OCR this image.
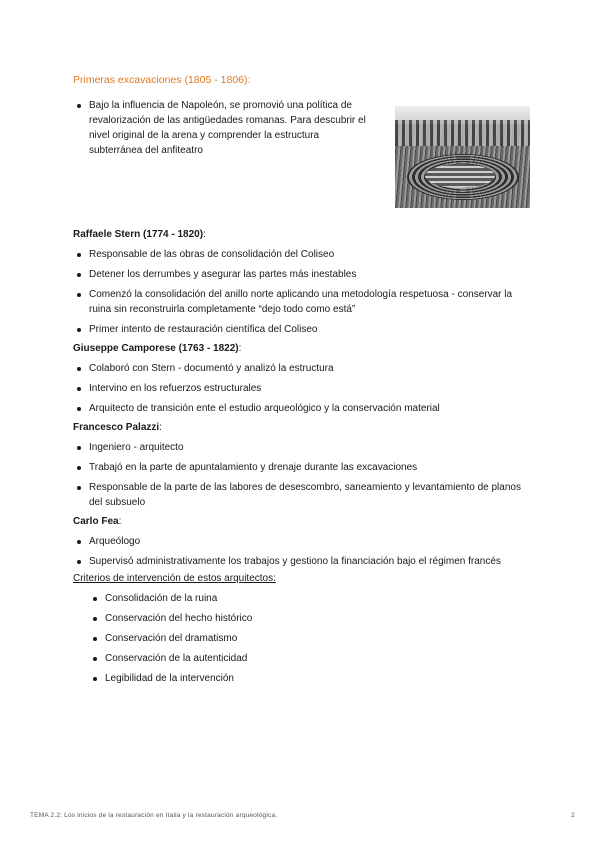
Primeras excavaciones (1805 - 1806):
Bajo la influencia de Napoleón, se promovió una política de revalorización de las antigüedades romanas. Para descubrir el nivel original de la arena y comprender la estructura subterránea del anfiteatro

Raffaele Stern (1774 - 1820):

Responsable de las obras de consolidación del Coliseo
Detener los derrumbes y asegurar las partes más inestables
Comenzó la consolidación del anillo norte aplicando una metodología respetuosa - conservar la ruina sin reconstruirla completamente “dejo todo como está”
Primer intento de restauración científica del Coliseo

Giuseppe Camporese (1763 - 1822):

Colaboró con Stern - documentó y analizó la estructura
Intervino en los refuerzos estructurales
Arquitecto de transición ente el estudio arqueológico y la conservación material

Francesco Palazzi:

Ingeniero - arquitecto
Trabajó en la parte de apuntalamiento y drenaje durante las excavaciones
Responsable de la parte de las labores de desescombro, saneamiento y levantamiento de planos del subsuelo

Carlo Fea:

Arqueólogo
Supervisó administrativamente los trabajos y gestiono la financiación bajo el régimen francés
Criterios de intervención de estos arquitectos:
Consolidación de la ruina
Conservación del hecho histórico
Conservación del dramatismo
Conservación de la autenticidad
Legibilidad de la intervención
TEMA 2.2: Los inicios de la restauración en Italia y la restauración arqueológica.	2
